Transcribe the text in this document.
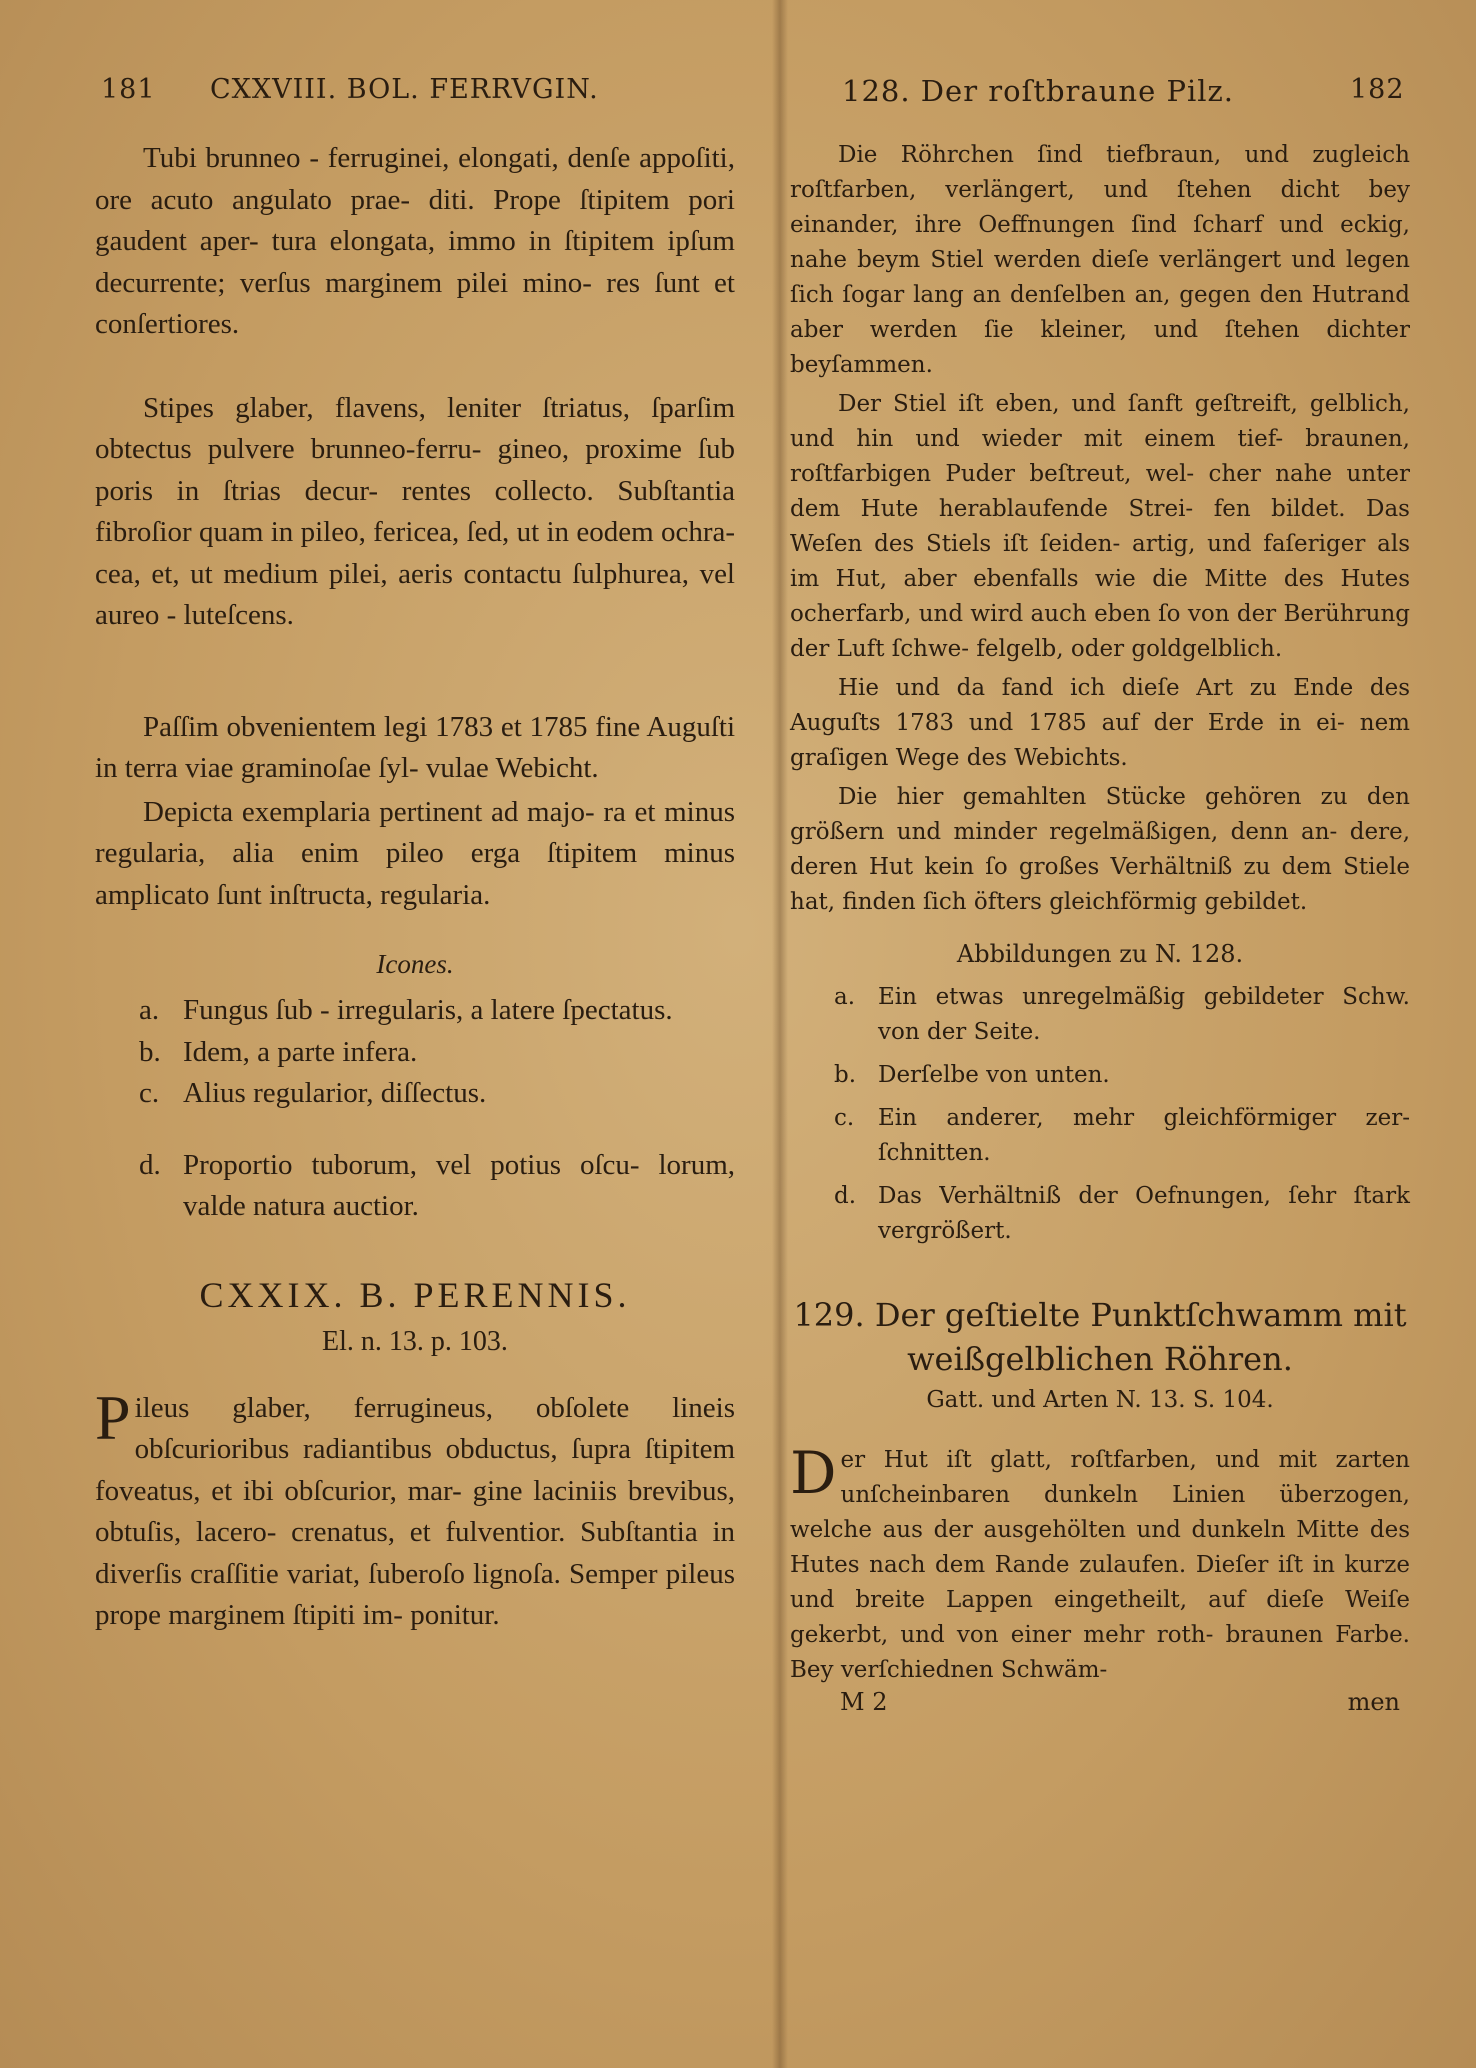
181 CXXVIII. BOL. FERRVGIN.

Tubi brunneo - ferruginei, elongati, denſe appoſiti, ore acuto angulato prae- diti. Prope ſtipitem pori gaudent aper- tura elongata, immo in ſtipitem ipſum decurrente; verſus marginem pilei mino- res ſunt et conſertiores.

Stipes glaber, flavens, leniter ſtriatus, ſparſim obtectus pulvere brunneo-ferru- gineo, proxime ſub poris in ſtrias decur- rentes collecto. Subſtantia fibroſior quam in pileo, fericea, ſed, ut in eodem ochra- cea, et, ut medium pilei, aeris contactu ſulphurea, vel aureo - luteſcens.

Paſſim obvenientem legi 1783 et 1785 fine Auguſti in terra viae graminoſae ſyl- vulae Webicht.

Depicta exemplaria pertinent ad majo- ra et minus regularia, alia enim pileo erga ſtipitem minus amplicato ſunt inſtructa, regularia.

Icones.
a. Fungus ſub - irregularis, a latere ſpectatus.
b. Idem, a parte infera.
c. Alius regularior, diſſectus.
d. Proportio tuborum, vel potius oſcu- lorum, valde natura auctior.
CXXIX. B. PERENNIS.
El. n. 13. p. 103.
Pileus glaber, ferrugineus, obſolete lineis obſcurioribus radiantibus obductus, ſupra ſtipitem foveatus, et ibi obſcurior, mar- gine laciniis brevibus, obtuſis, lacero- crenatus, et fulventior. Subſtantia in diverſis craſſitie variat, ſuberoſo lignoſa. Semper pileus prope marginem ſtipiti im- ponitur.
128. Der roſtbraune Pilz.	182

Die Röhrchen ſind tiefbraun, und zugleich roſtfarben, verlängert, und ſtehen dicht bey einander, ihre Oeffnungen ſind ſcharf und eckig, nahe beym Stiel werden dieſe verlängert und legen ſich ſogar lang an denſelben an, gegen den Hutrand aber werden ſie kleiner, und ſtehen dichter beyſammen.

Der Stiel iſt eben, und ſanft geſtreift, gelblich, und hin und wieder mit einem tief- braunen, roſtfarbigen Puder beſtreut, wel- cher nahe unter dem Hute herablaufende Strei- fen bildet. Das Weſen des Stiels iſt ſeiden- artig, und faſeriger als im Hut, aber ebenfalls wie die Mitte des Hutes ocherfarb, und wird auch eben ſo von der Berührung der Luft ſchwe- felgelb, oder goldgelblich.

Hie und da fand ich dieſe Art zu Ende des Auguſts 1783 und 1785 auf der Erde in ei- nem graſigen Wege des Webichts.

Die hier gemahlten Stücke gehören zu den größern und minder regelmäßigen, denn an- dere, deren Hut kein ſo großes Verhältniß zu dem Stiele hat, finden ſich öfters gleichförmig gebildet.

Abbildungen zu N. 128.
a. Ein etwas unregelmäßig gebildeter Schw. von der Seite.
b. Derſelbe von unten.
c. Ein anderer, mehr gleichförmiger zer- ſchnitten.
d. Das Verhältniß der Oefnungen, ſehr ſtark vergrößert.
129. Der geſtielte Punktſchwamm mit weißgelblichen Röhren.
Gatt. und Arten N. 13. S. 104.
Der Hut iſt glatt, roſtfarben, und mit zarten unſcheinbaren dunkeln Linien überzogen, welche aus der ausgehölten und dunkeln Mitte des Hutes nach dem Rande zulaufen. Dieſer iſt in kurze und breite Lappen eingetheilt, auf dieſe Weiſe gekerbt, und von einer mehr roth- braunen Farbe. Bey verſchiednen Schwäm-
M 2	men
